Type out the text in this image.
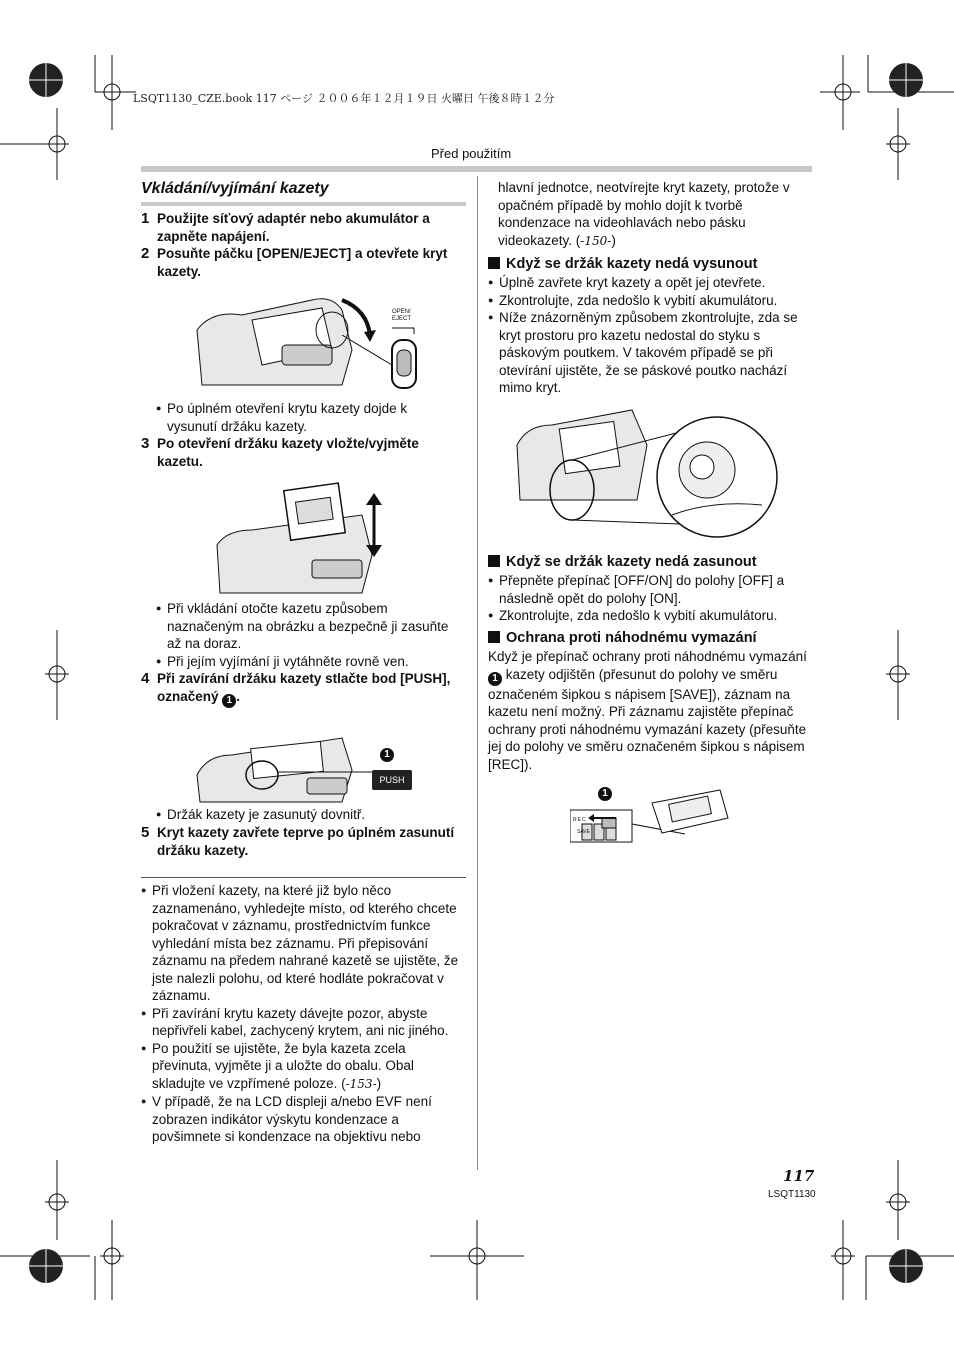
LSQT1130_CZE.book 117 ページ ２００６年１２月１９日 火曜日 午後８時１２分
Před použitím
Vkládání/vyjímání kazety
1 Použijte síťový adaptér nebo akumulátor a zapněte napájení.
2 Posuňte páčku [OPEN/EJECT] a otevřete kryt kazety.
OPEN/
EJECT
● Po úplném otevření krytu kazety dojde k vysunutí držáku kazety.
3 Po otevření držáku kazety vložte/vyjměte kazetu.
● Při vkládání otočte kazetu způsobem naznačeným na obrázku a bezpečně ji zasuňte až na doraz.
● Při jejím vyjímání ji vytáhněte rovně ven.
4 Při zavírání držáku kazety stlačte bod [PUSH], označený 1 .
1
PUSH
● Držák kazety je zasunutý dovnitř.
5 Kryt kazety zavřete teprve po úplném zasunutí držáku kazety.
● Při vložení kazety, na které již bylo něco zaznamenáno, vyhledejte místo, od kterého chcete pokračovat v záznamu, prostřednictvím funkce vyhledání místa bez záznamu. Při přepisování záznamu na předem nahrané kazetě se ujistěte, že jste nalezli polohu, od které hodláte pokračovat v záznamu.
● Při zavírání krytu kazety dávejte pozor, abyste nepřivřeli kabel, zachycený krytem, ani nic jiného.
● Po použití se ujistěte, že byla kazeta zcela převinuta, vyjměte ji a uložte do obalu. Obal skladujte ve vzpřímené poloze. (-153-)
● V případě, že na LCD displeji a/nebo EVF není zobrazen indikátor výskytu kondenzace a povšimnete si kondenzace na objektivu nebo
hlavní jednotce, neotvírejte kryt kazety, protože v opačném případě by mohlo dojít k tvorbě kondenzace na videohlavách nebo pásku videokazety. (-150-)
Když se držák kazety nedá vysunout
● Úplně zavřete kryt kazety a opět jej otevřete.
● Zkontrolujte, zda nedošlo k vybití akumulátoru.
● Níže znázorněným způsobem zkontrolujte, zda se kryt prostoru pro kazetu nedostal do styku s páskovým poutkem. V takovém případě se při otevírání ujistěte, že se páskové poutko nachází mimo kryt.
Když se držák kazety nedá zasunout
● Přepněte přepínač [OFF/ON] do polohy [OFF] a následně opět do polohy [ON].
● Zkontrolujte, zda nedošlo k vybití akumulátoru.
Ochrana proti náhodnému vymazání
Když je přepínač ochrany proti náhodnému vymazání 1 kazety odjištěn (přesunut do polohy ve směru označeném šipkou s nápisem [SAVE]), záznam na kazetu není možný. Při záznamu zajistěte přepínač ochrany proti náhodnému vymazání kazety (přesuňte jej do polohy ve směru označeném šipkou s nápisem [REC]).
1
REC
SAVE
117
LSQT1130
